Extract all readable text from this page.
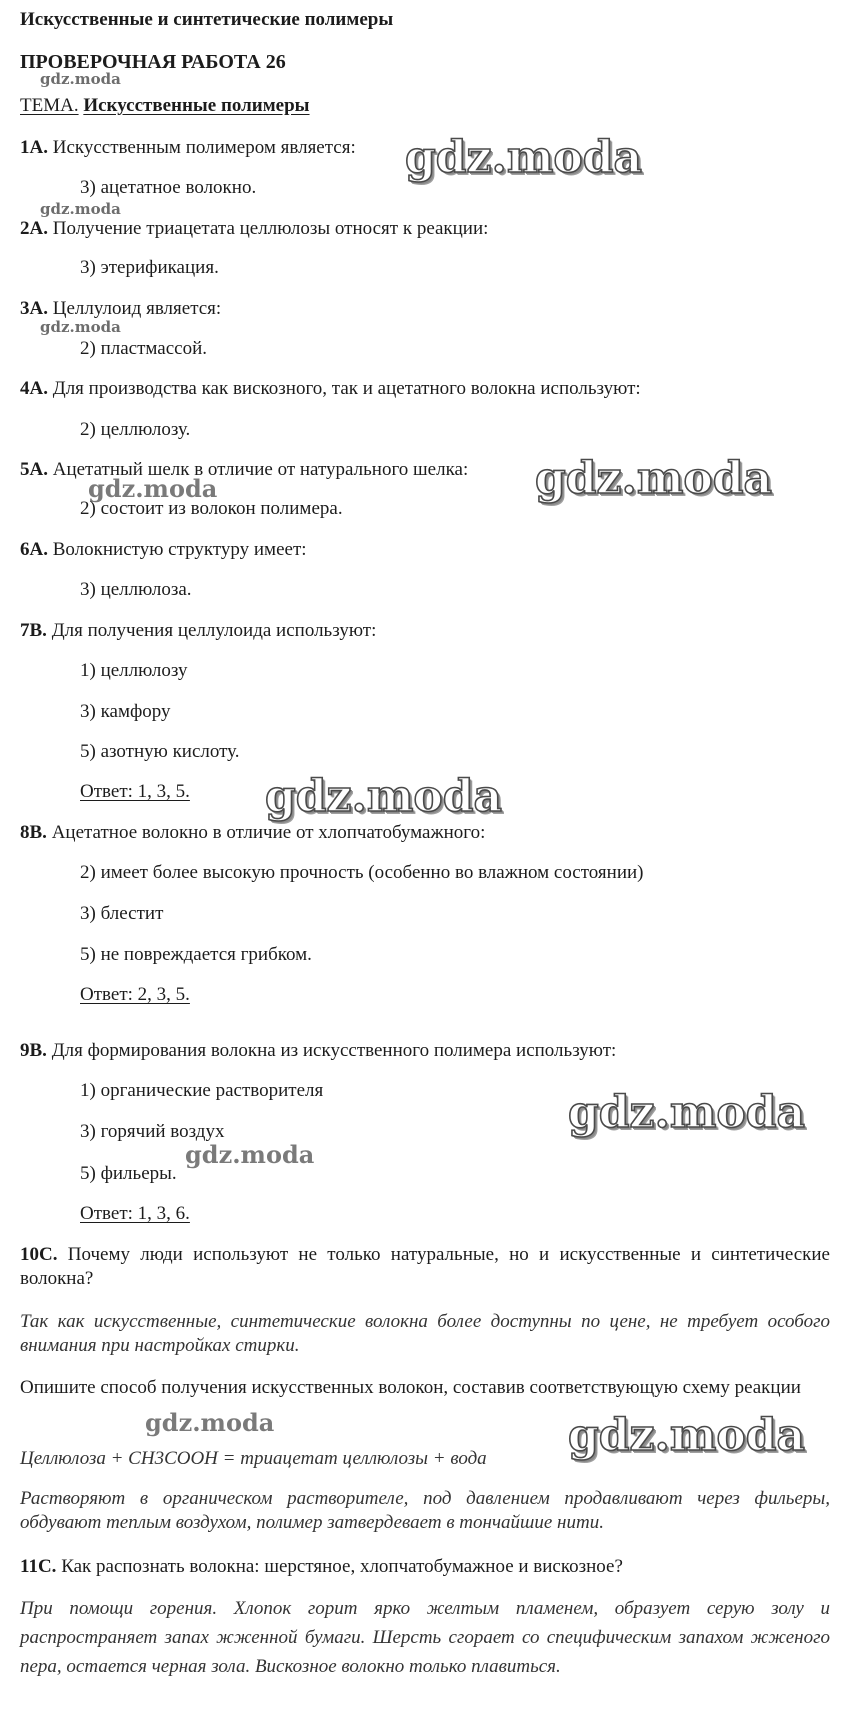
Искусственные и синтетические полимеры
ПРОВЕРОЧНАЯ РАБОТА 26
gdz.moda
ТЕМА. Искусственные полимеры
1А. Искусственным полимером является: gdz.moda
3) ацетатное волокно.
gdz.moda
2А. Получение триацетата целлюлозы относят к реакции:
3) этерификация.
3А. Целлулоид является:
gdz.moda
2) пластмассой.
4А. Для производства как вискозного, так и ацетатного волокна используют:
2) целлюлозу.
5А. Ацетатный шелк в отличие от натурального шелка: gdz.moda
gdz.moda
2) состоит из волокон полимера.
6А. Волокнистую структуру имеет:
3) целлюлоза.
7В. Для получения целлулоида используют:
1) целлюлозу
3) камфору
5) азотную кислоту.
Ответ: 1, 3, 5. gdz.moda
8В. Ацетатное волокно в отличие от хлопчатобумажного:
2) имеет более высокую прочность (особенно во влажном состоянии)
3) блестит
5) не повреждается грибком.
Ответ: 2, 3, 5.
9В. Для формирования волокна из искусственного полимера используют:
1) органические растворителя	gdz.moda
3) горячий воздух
gdz.moda
5) фильеры.
Ответ: 1, 3, 6.
10С. Почему люди используют не только натуральные, но и искусственные и синтетические волокна?
Так как искусственные, синтетические волокна более доступны по цене, не требует особого внимания при настройках стирки.
Опишите способ получения искусственных волокон, составив соответствующую схему реакции
gdz.moda	gdz.moda
Целлюлоза + CH3COOH = триацетат целлюлозы + вода
Растворяют в органическом растворителе, под давлением продавливают через фильеры, обдувают теплым воздухом, полимер затвердевает в тончайшие нити.
11С. Как распознать волокна: шерстяное, хлопчатобумажное и вискозное?
При помощи горения. Хлопок горит ярко желтым пламенем, образует серую золу и распространяет запах жженной бумаги. Шерсть сгорает со специфическим запахом жженого пера, остается черная зола. Вискозное волокно только плавиться.
